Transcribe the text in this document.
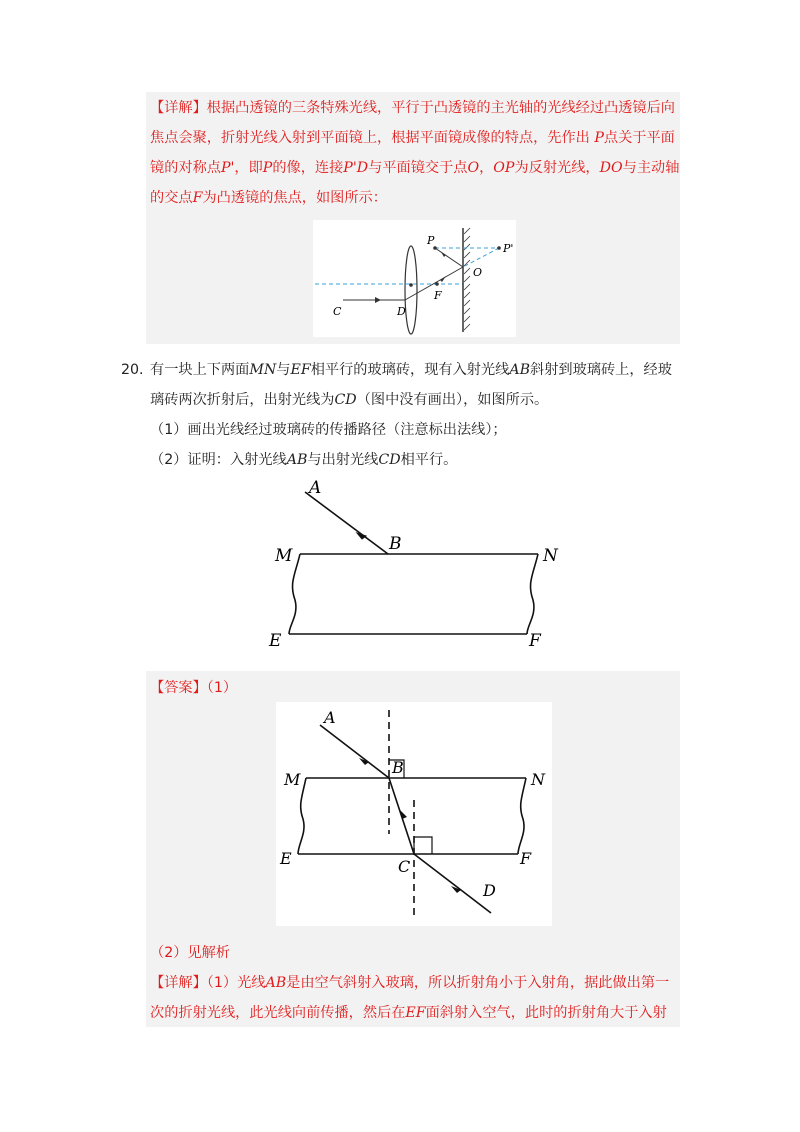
【详解】根据凸透镜的三条特殊光线，平行于凸透镜的主光轴的光线经过凸透镜后向焦点会聚，折射光线入射到平面镜上，根据平面镜成像的特点，先作出 P点关于平面镜的对称点P'，即P的像，连接P'D与平面镜交于点O，OP为反射光线，DO与主动轴的交点F为凸透镜的焦点，如图所示：
P
P'
O
F
C	D
20. 有一块上下两面MN与EF相平行的玻璃砖，现有入射光线AB斜射到玻璃砖上，经玻璃砖两次折射后，出射光线为CD（图中没有画出），如图所示。
（1）画出光线经过玻璃砖的传播路径（注意标出法线）；
（2）证明：入射光线AB与出射光线CD相平行。
A
B
M	N
E	F
【答案】（1）
A
B
M	N
E	F
C
D
（2）见解析
【详解】（1）光线AB是由空气斜射入玻璃，所以折射角小于入射角，据此做出第一次的折射光线，此光线向前传播，然后在EF面斜射入空气，此时的折射角大于入射
